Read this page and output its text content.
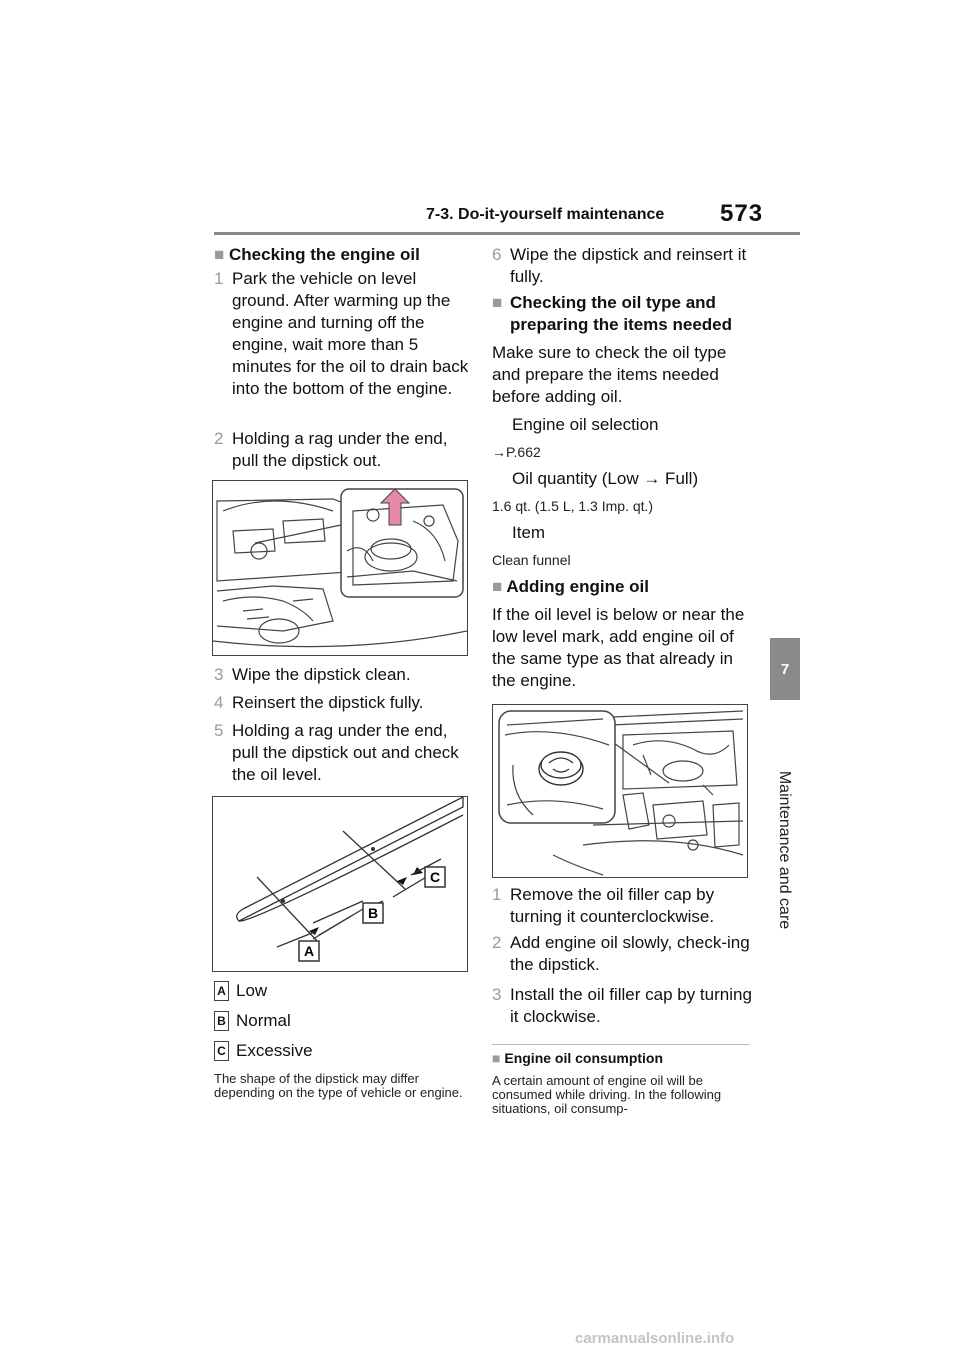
7-3. Do-it-yourself maintenance 573
7
Maintenance and care
■ Checking the engine oil
1 Park the vehicle on level ground. After warming up the engine and turning off the engine, wait more than 5 minutes for the oil to drain back into the bottom of the engine.
2 Holding a rag under the end, pull the dipstick out.
3 Wipe the dipstick clean.
4 Reinsert the dipstick fully.
5 Holding a rag under the end, pull the dipstick out and check the oil level.
C
B
A
A Low
B Normal
C Excessive
The shape of the dipstick may differ depending on the type of vehicle or engine.
6 Wipe the dipstick and reinsert it fully.
■ Checking the oil type and preparing the items needed
Make sure to check the oil type and prepare the items needed before adding oil.
Engine oil selection
→P.662
Oil quantity (Low → Full)
1.6 qt. (1.5 L, 1.3 Imp. qt.)
Item
Clean funnel
■ Adding engine oil
If the oil level is below or near the low level mark, add engine oil of the same type as that already in the engine.
1 Remove the oil filler cap by turning it counterclockwise.
2 Add engine oil slowly, check-ing the dipstick.
3 Install the oil filler cap by turning it clockwise.
■ Engine oil consumption
A certain amount of engine oil will be consumed while driving. In the following situations, oil consump-
carmanualsonline.info
